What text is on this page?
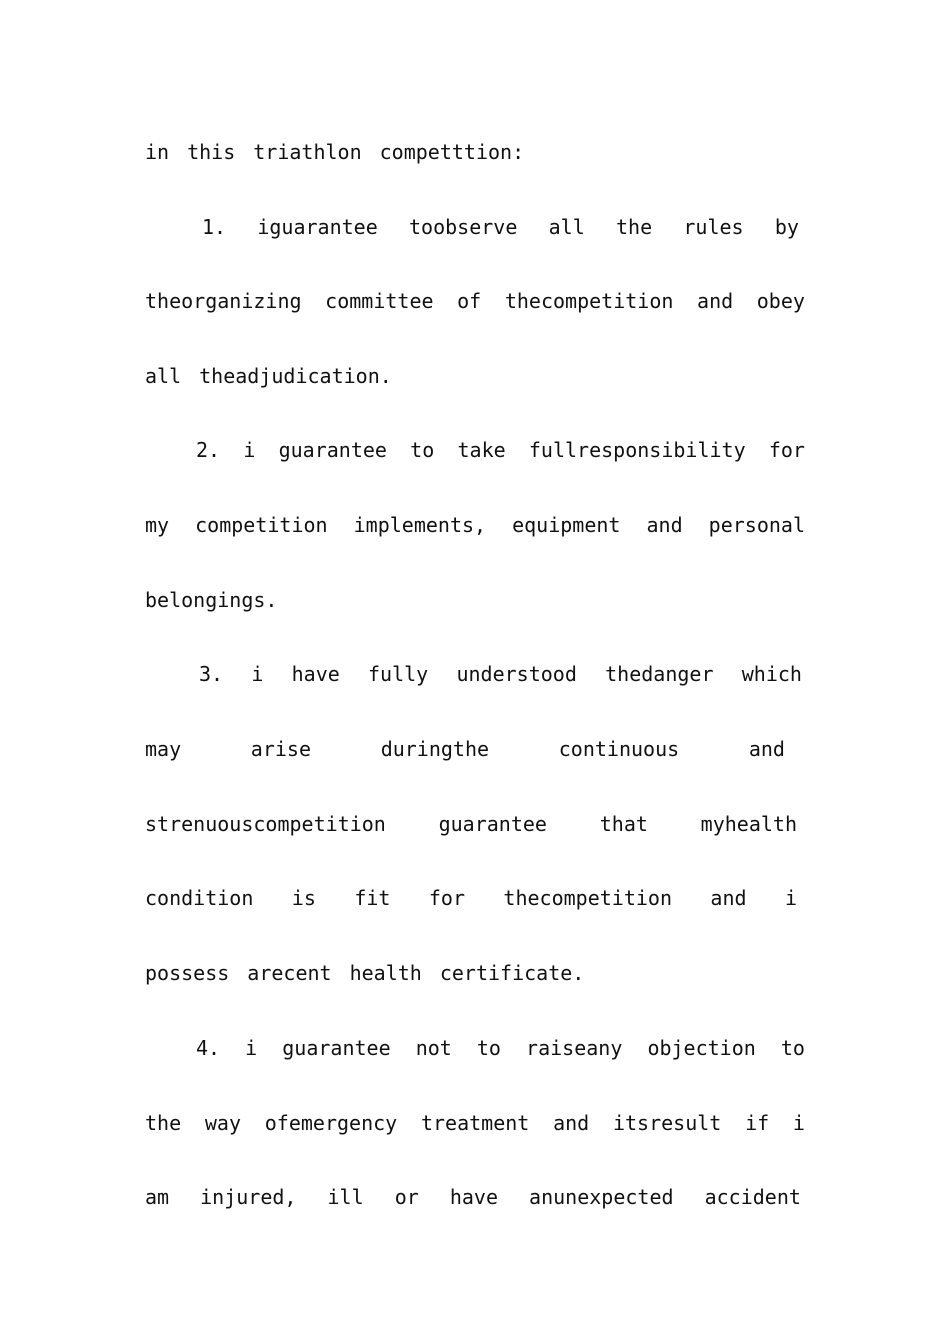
in this triathlon competttion:
1. iguarantee toobserve all the rules by
theorganizing committee of thecompetition and obey
all theadjudication.
2. i guarantee to take fullresponsibility for
my competition implements, equipment and personal
belongings.
3. i have fully understood thedanger which
may	arise	duringthe	continuous	and
strenuouscompetition	guarantee	that	myhealth
condition is fit for thecompetition and i
possess arecent health certificate.
4. i guarantee not to raiseany objection to
the way ofemergency treatment and itsresult if i
am injured, ill or have anunexpected accident
